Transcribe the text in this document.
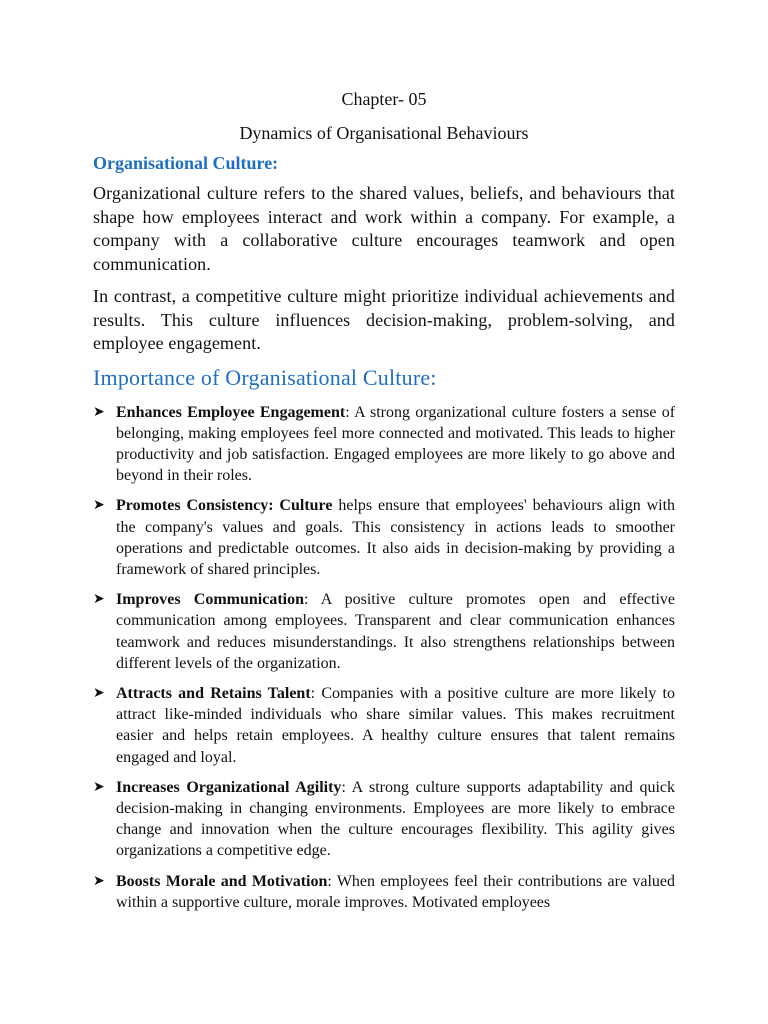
Chapter- 05

Dynamics of Organisational Behaviours

Organisational Culture:

Organizational culture refers to the shared values, beliefs, and behaviours that shape how employees interact and work within a company. For example, a company with a collaborative culture encourages teamwork and open communication.

In contrast, a competitive culture might prioritize individual achievements and results. This culture influences decision-making, problem-solving, and employee engagement.

Importance of Organisational Culture:

➤ Enhances Employee Engagement: A strong organizational culture fosters a sense of belonging, making employees feel more connected and motivated. This leads to higher productivity and job satisfaction. Engaged employees are more likely to go above and beyond in their roles.
➤ Promotes Consistency: Culture helps ensure that employees' behaviours align with the company's values and goals. This consistency in actions leads to smoother operations and predictable outcomes. It also aids in decision-making by providing a framework of shared principles.
➤ Improves Communication: A positive culture promotes open and effective communication among employees. Transparent and clear communication enhances teamwork and reduces misunderstandings. It also strengthens relationships between different levels of the organization.
➤ Attracts and Retains Talent: Companies with a positive culture are more likely to attract like-minded individuals who share similar values. This makes recruitment easier and helps retain employees. A healthy culture ensures that talent remains engaged and loyal.
➤ Increases Organizational Agility: A strong culture supports adaptability and quick decision-making in changing environments. Employees are more likely to embrace change and innovation when the culture encourages flexibility. This agility gives organizations a competitive edge.
➤ Boosts Morale and Motivation: When employees feel their contributions are valued within a supportive culture, morale improves. Motivated employees
